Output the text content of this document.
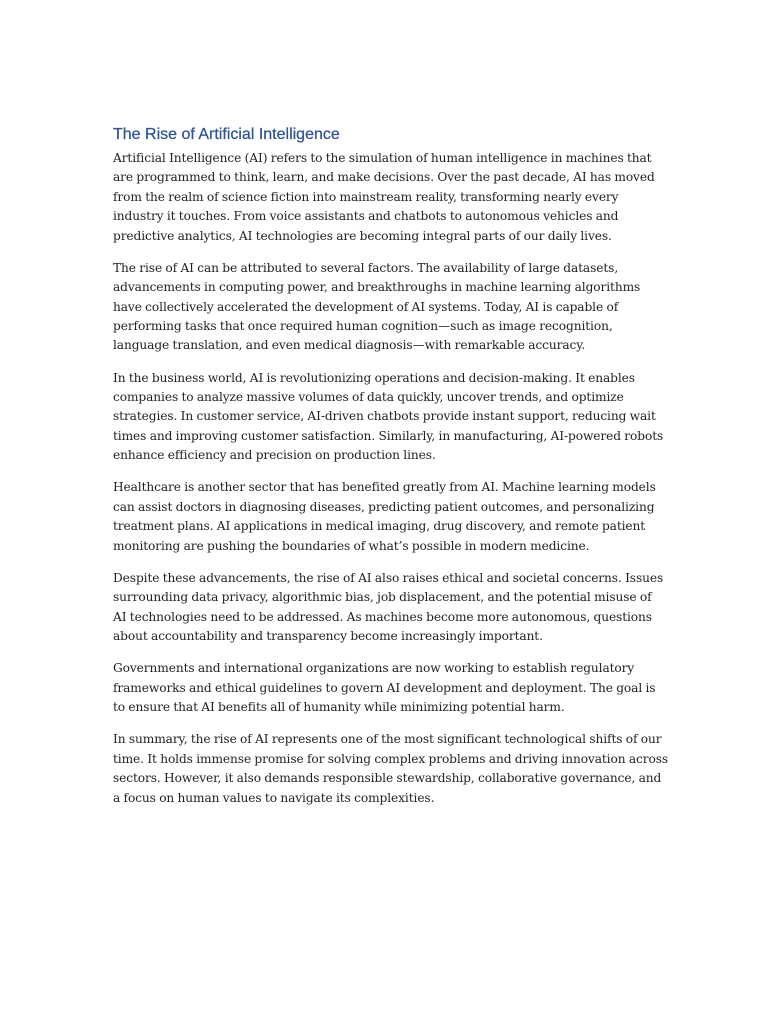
The Rise of Artificial Intelligence

Artificial Intelligence (AI) refers to the simulation of human intelligence in machines that are programmed to think, learn, and make decisions. Over the past decade, AI has moved from the realm of science fiction into mainstream reality, transforming nearly every industry it touches. From voice assistants and chatbots to autonomous vehicles and predictive analytics, AI technologies are becoming integral parts of our daily lives.

The rise of AI can be attributed to several factors. The availability of large datasets, advancements in computing power, and breakthroughs in machine learning algorithms have collectively accelerated the development of AI systems. Today, AI is capable of performing tasks that once required human cognition—such as image recognition, language translation, and even medical diagnosis—with remarkable accuracy.

In the business world, AI is revolutionizing operations and decision-making. It enables companies to analyze massive volumes of data quickly, uncover trends, and optimize strategies. In customer service, AI-driven chatbots provide instant support, reducing wait times and improving customer satisfaction. Similarly, in manufacturing, AI-powered robots enhance efficiency and precision on production lines.

Healthcare is another sector that has benefited greatly from AI. Machine learning models can assist doctors in diagnosing diseases, predicting patient outcomes, and personalizing treatment plans. AI applications in medical imaging, drug discovery, and remote patient monitoring are pushing the boundaries of what’s possible in modern medicine.

Despite these advancements, the rise of AI also raises ethical and societal concerns. Issues surrounding data privacy, algorithmic bias, job displacement, and the potential misuse of AI technologies need to be addressed. As machines become more autonomous, questions about accountability and transparency become increasingly important.

Governments and international organizations are now working to establish regulatory frameworks and ethical guidelines to govern AI development and deployment. The goal is to ensure that AI benefits all of humanity while minimizing potential harm.

In summary, the rise of AI represents one of the most significant technological shifts of our time. It holds immense promise for solving complex problems and driving innovation across sectors. However, it also demands responsible stewardship, collaborative governance, and a focus on human values to navigate its complexities.
